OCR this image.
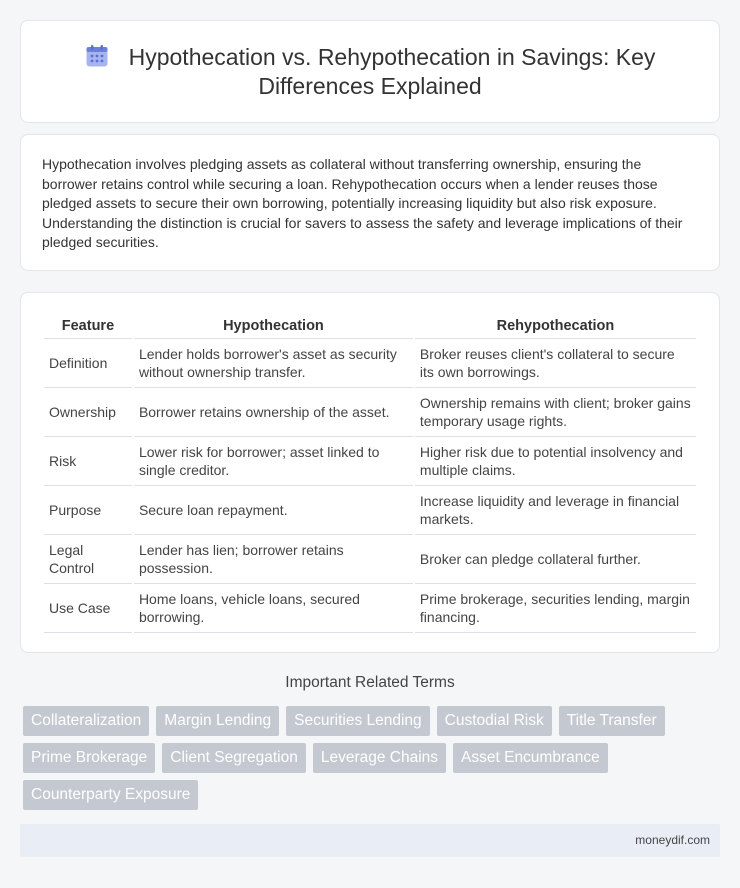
Hypothecation vs. Rehypothecation in Savings: Key Differences Explained

Hypothecation involves pledging assets as collateral without transferring ownership, ensuring the borrower retains control while securing a loan. Rehypothecation occurs when a lender reuses those pledged assets to secure their own borrowing, potentially increasing liquidity but also risk exposure. Understanding the distinction is crucial for savers to assess the safety and leverage implications of their pledged securities.

Feature	Hypothecation	Rehypothecation
Definition	Lender holds borrower's asset as security without ownership transfer.	Broker reuses client's collateral to secure its own borrowings.
Ownership	Borrower retains ownership of the asset.	Ownership remains with client; broker gains temporary usage rights.
Risk	Lower risk for borrower; asset linked to single creditor.	Higher risk due to potential insolvency and multiple claims.
Purpose	Secure loan repayment.	Increase liquidity and leverage in financial markets.
Legal Control	Lender has lien; borrower retains possession.	Broker can pledge collateral further.
Use Case	Home loans, vehicle loans, secured borrowing.	Prime brokerage, securities lending, margin financing.
Important Related Terms
Collateralization	Margin Lending	Securities Lending	Custodial Risk	Title Transfer
Prime Brokerage	Client Segregation	Leverage Chains	Asset Encumbrance
Counterparty Exposure
moneydif.com
